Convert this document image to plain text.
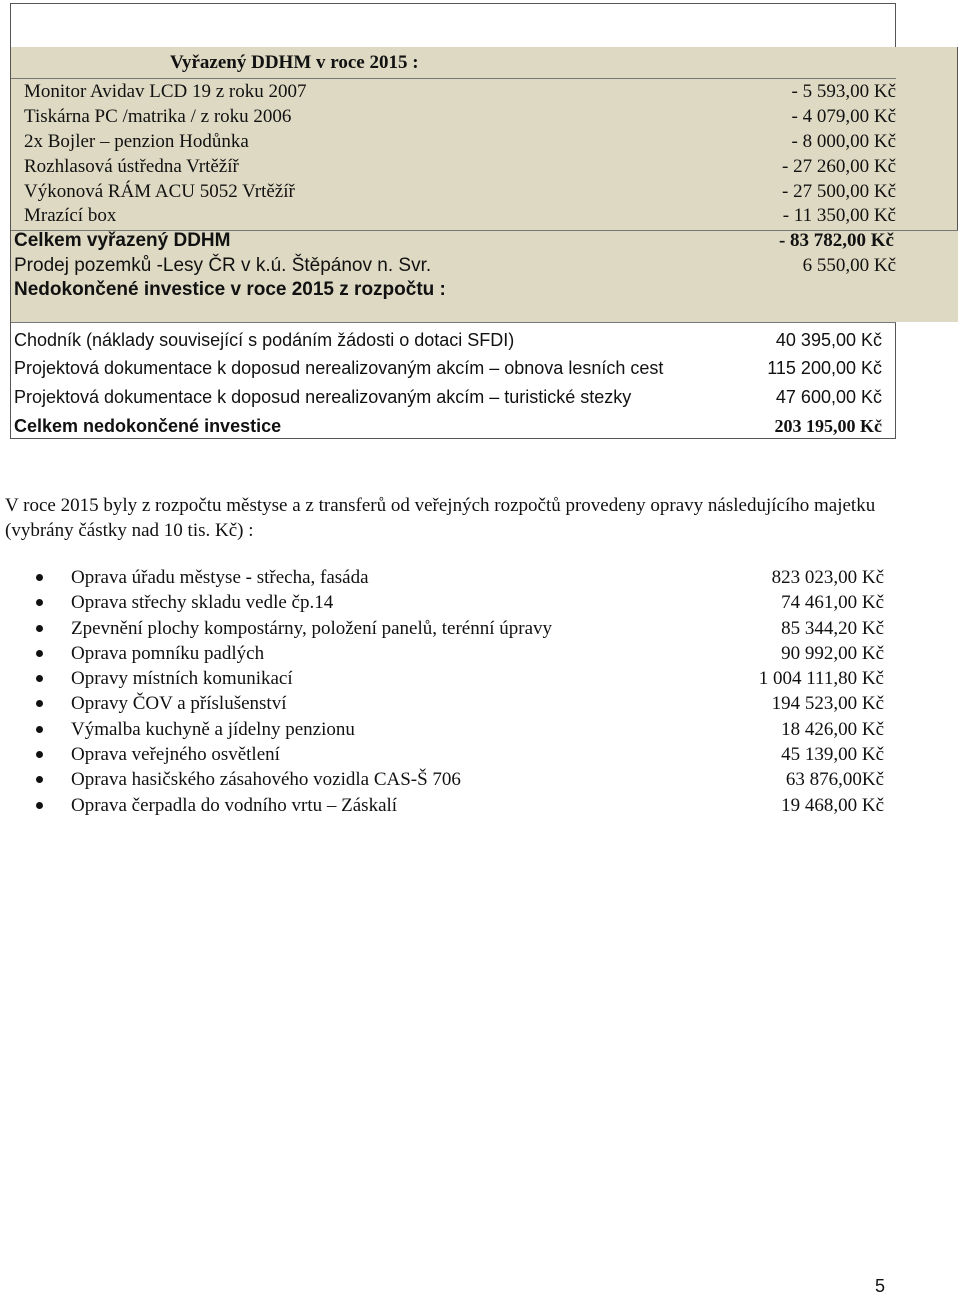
Vyřazený DDHM v roce 2015 :
Monitor Avidav LCD 19 z roku 2007	- 5 593,00 Kč
Tiskárna PC /matrika / z roku 2006	- 4 079,00 Kč
2x Bojler – penzion Hodůnka	- 8 000,00 Kč
Rozhlasová ústředna Vrtěžíř	- 27 260,00 Kč
Výkonová RÁM ACU 5052 Vrtěžíř	- 27 500,00 Kč
Mrazící box	- 11 350,00 Kč
Celkem vyřazený DDHM	- 83 782,00 Kč
Prodej pozemků -Lesy ČR v k.ú. Štěpánov n. Svr.	6 550,00 Kč
Nedokončené investice v roce 2015 z rozpočtu :
Chodník (náklady související s podáním žádosti o dotaci SFDI)	40 395,00 Kč
Projektová dokumentace k doposud nerealizovaným akcím – obnova lesních cest	115 200,00 Kč
Projektová dokumentace k doposud nerealizovaným akcím – turistické stezky	47 600,00 Kč
Celkem nedokončené investice	203 195,00 Kč
V roce 2015 byly z rozpočtu městyse a z transferů od veřejných rozpočtů provedeny opravy následujícího majetku (vybrány částky nad 10 tis. Kč) :
Oprava úřadu městyse - střecha, fasáda	823 023,00 Kč
Oprava střechy skladu vedle čp.14	74 461,00 Kč
Zpevnění plochy kompostárny, položení panelů, terénní úpravy	85 344,20 Kč
Oprava pomníku padlých	90 992,00 Kč
Opravy místních komunikací	1 004 111,80 Kč
Opravy ČOV a příslušenství	194 523,00 Kč
Výmalba kuchyně a jídelny penzionu	18 426,00 Kč
Oprava veřejného osvětlení	45 139,00 Kč
Oprava hasičského zásahového vozidla CAS-Š 706	63 876,00Kč
Oprava čerpadla do vodního vrtu – Záskalí	19 468,00 Kč
5
